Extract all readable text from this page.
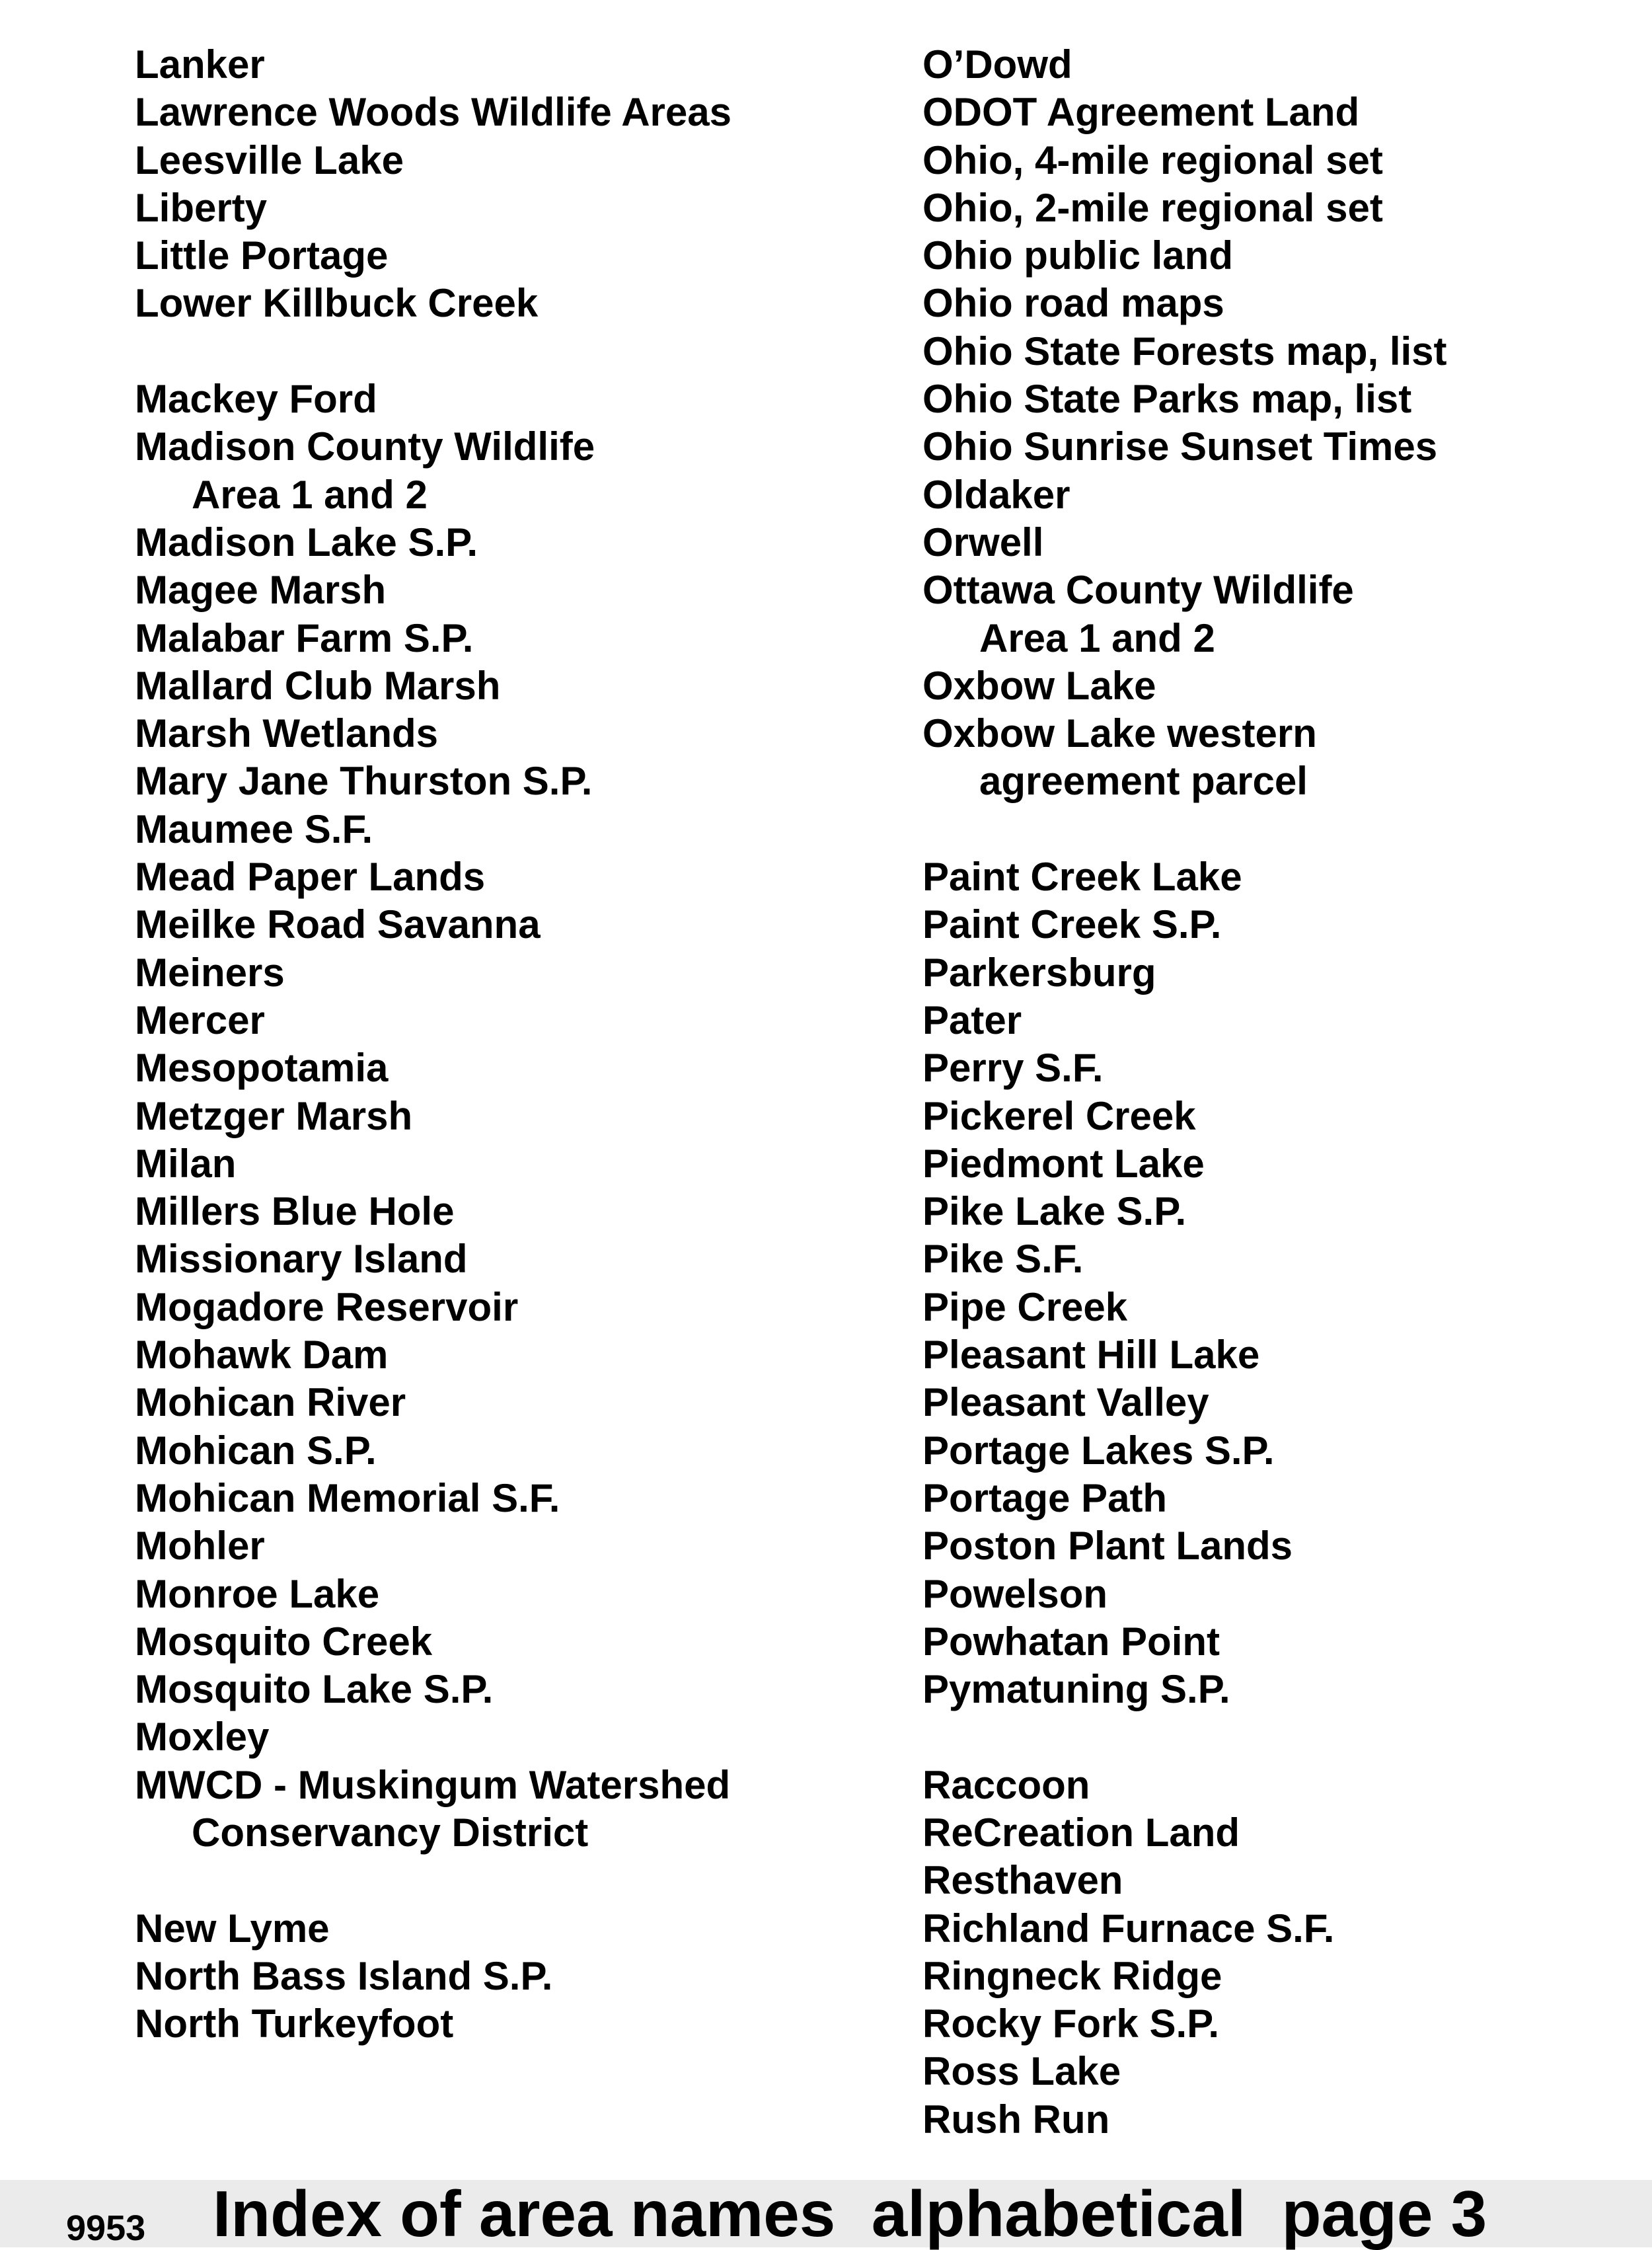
Lanker
Lawrence Woods Wildlife Areas
Leesville Lake
Liberty
Little Portage
Lower Killbuck Creek
Mackey Ford
Madison County Wildlife
Area 1 and 2
Madison Lake S.P.
Magee Marsh
Malabar Farm S.P.
Mallard Club Marsh
Marsh Wetlands
Mary Jane Thurston S.P.
Maumee S.F.
Mead Paper Lands
Meilke Road Savanna
Meiners
Mercer
Mesopotamia
Metzger Marsh
Milan
Millers Blue Hole
Missionary Island
Mogadore Reservoir
Mohawk Dam
Mohican River
Mohican S.P.
Mohican Memorial S.F.
Mohler
Monroe Lake
Mosquito Creek
Mosquito Lake S.P.
Moxley
MWCD - Muskingum Watershed
Conservancy District
New Lyme
North Bass Island S.P.
North Turkeyfoot
O’Dowd
ODOT Agreement Land
Ohio, 4-mile regional set
Ohio, 2-mile regional set
Ohio public land
Ohio road maps
Ohio State Forests map, list
Ohio State Parks map, list
Ohio Sunrise Sunset Times
Oldaker
Orwell
Ottawa County Wildlife
Area 1 and 2
Oxbow Lake
Oxbow Lake western
agreement parcel
Paint Creek Lake
Paint Creek S.P.
Parkersburg
Pater
Perry S.F.
Pickerel Creek
Piedmont Lake
Pike Lake S.P.
Pike S.F.
Pipe Creek
Pleasant Hill Lake
Pleasant Valley
Portage Lakes S.P.
Portage Path
Poston Plant Lands
Powelson
Powhatan Point
Pymatuning S.P.
Raccoon
ReCreation Land
Resthaven
Richland Furnace S.F.
Ringneck Ridge
Rocky Fork S.P.
Ross Lake
Rush Run
9953 Index of area names  alphabetical  page 3
